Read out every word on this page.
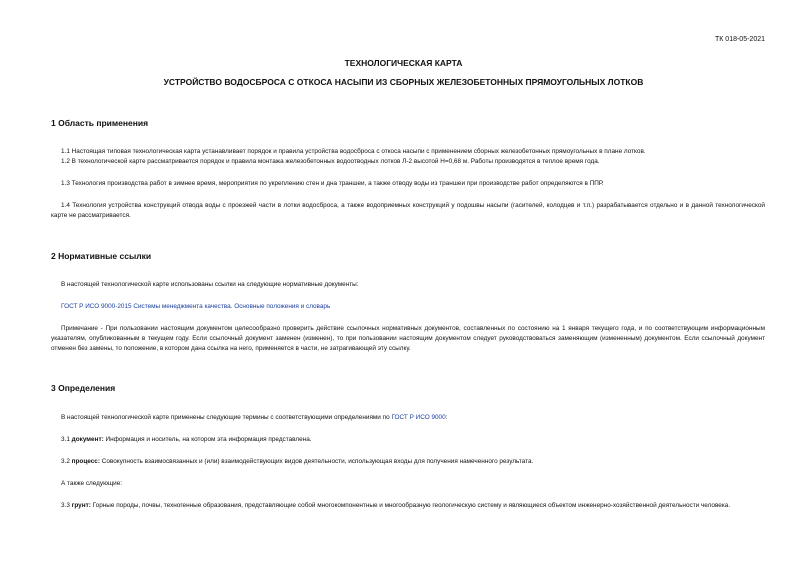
ТК 018-05-2021
ТЕХНОЛОГИЧЕСКАЯ КАРТА
УСТРОЙСТВО ВОДОСБРОСА С ОТКОСА НАСЫПИ ИЗ СБОРНЫХ ЖЕЛЕЗОБЕТОННЫХ ПРЯМОУГОЛЬНЫХ ЛОТКОВ
1 Область применения
1.1 Настоящая типовая технологическая карта устанавливает порядок и правила устройства водосброса с откоса насыпи с применением сборных железобетонных прямоугольных в плане лотков.
1.2 В технологической карте рассматривается порядок и правила монтажа железобетонных водоотводных лотков Л-2 высотой Н=0,68 м. Работы производятся в теплое время года.
1.3 Технология производства работ в зимнее время, мероприятия по укреплению стен и дна траншеи, а также отводу воды из траншеи при производстве работ определяются в ППР.
1.4 Технология устройства конструкций отвода воды с проезжей части в лотки водосброса, а также водоприемных конструкций у подошвы насыпи (гасителей, колодцев и т.п.) разрабатывается отдельно и в данной технологической карте не рассматривается.
2 Нормативные ссылки
В настоящей технологической карте использованы ссылки на следующие нормативные документы:
ГОСТ Р ИСО 9000-2015 Системы менеджмента качества. Основные положения и словарь
Примечание - При пользовании настоящим документом целесообразно проверить действие ссылочных нормативных документов, составленных по состоянию на 1 января текущего года, и по соответствующим информационным указателям, опубликованным в текущем году. Если ссылочный документ заменен (изменен), то при пользовании настоящим документом следует руководствоваться заменяющим (измененным) документом. Если ссылочный документ отменен без замены, то положение, в котором дана ссылка на него, применяется в части, не затрагивающей эту ссылку.
3 Определения
В настоящей технологической карте применены следующие термины с соответствующими определениями по ГОСТ Р ИСО 9000:
3.1 документ: Информация и носитель, на котором эта информация представлена.
3.2 процесс: Совокупность взаимосвязанных и (или) взаимодействующих видов деятельности, использующая входы для получения намеченного результата.
А также следующие:
3.3 грунт: Горные породы, почвы, техногенные образования, представляющие собой многокомпонентные и многообразную геологическую систему и являющиеся объектом инженерно-хозяйственной деятельности человека.
